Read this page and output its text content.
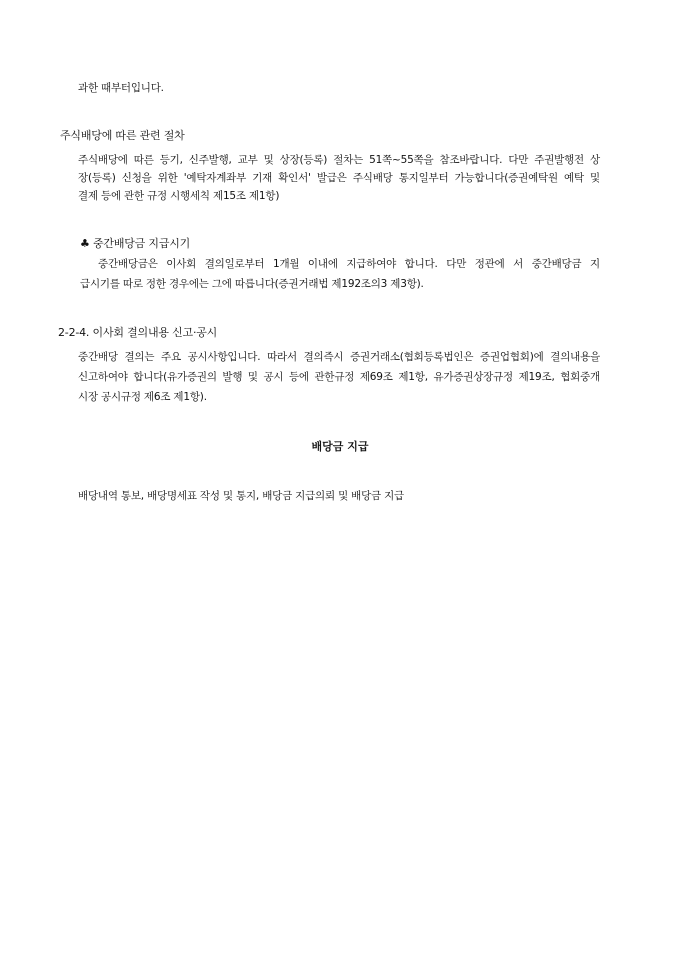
과한 때부터입니다.
주식배당에 따른 관련 절차
주식배당에 따른 등기, 신주발행, 교부 및 상장(등록) 절차는 51쪽~55쪽을 참조바랍니다. 다만 주권발행전 상
장(등록) 신청을 위한 '예탁자계좌부 기재 확인서' 발급은 주식배당 통지일부터 가능합니다(증권예탁원 예탁 및
결제 등에 관한 규정 시행세칙 제15조 제1항)
♣ 중간배당금 지급시기
중간배당금은 이사회 결의일로부터 1개월 이내에 지급하여야 합니다. 다만 정관에 서 중간배당금 지
급시기를 따로 정한 경우에는 그에 따릅니다(증권거래법 제192조의3 제3항).
2-2-4. 이사회 결의내용 신고·공시
중간배당 결의는 주요 공시사항입니다. 따라서 결의즉시 증권거래소(협회등록법인은 증권업협회)에 결의내용을
신고하여야 합니다(유가증권의 발행 및 공시 등에 관한규정 제69조 제1항, 유가증권상장규정 제19조, 협회중개
시장 공시규정 제6조 제1항).
배당금 지급
배당내역 통보, 배당명세표 작성 및 통지, 배당금 지급의뢰 및 배당금 지급
